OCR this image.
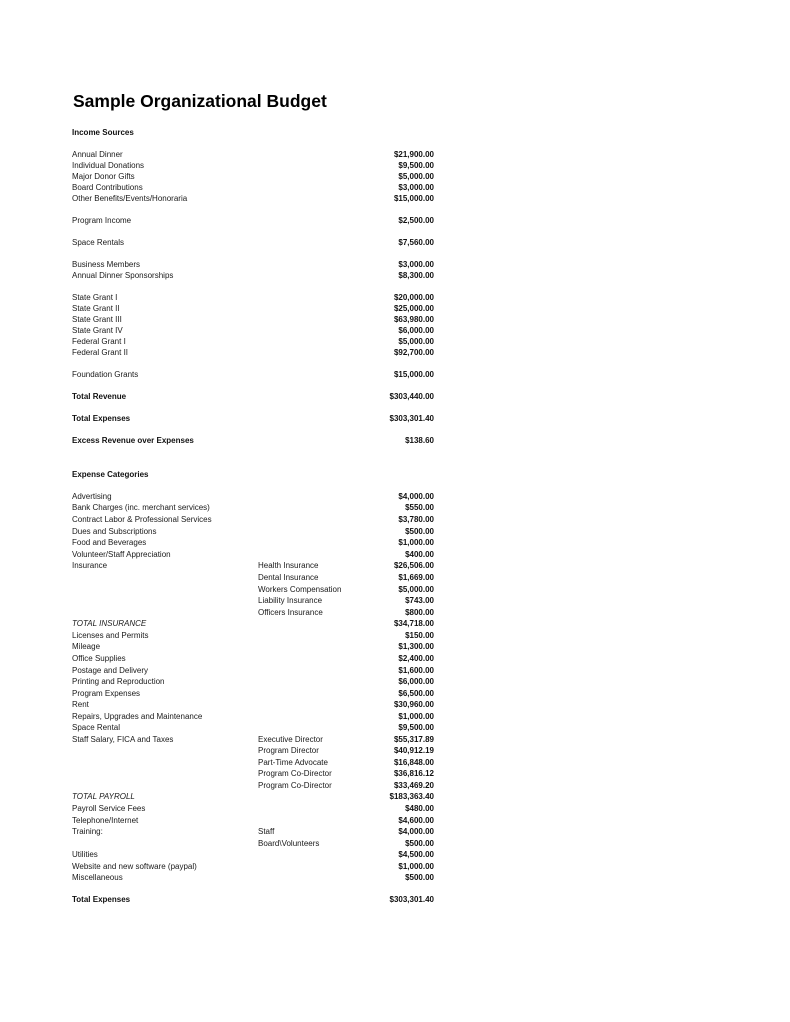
Sample Organizational Budget
Income Sources
Annual Dinner	$21,900.00
Individual Donations	$9,500.00
Major Donor Gifts	$5,000.00
Board Contributions	$3,000.00
Other Benefits/Events/Honoraria	$15,000.00
Program Income	$2,500.00
Space Rentals	$7,560.00
Business Members	$3,000.00
Annual Dinner Sponsorships	$8,300.00
State Grant I	$20,000.00
State Grant II	$25,000.00
State Grant III	$63,980.00
State Grant IV	$6,000.00
Federal Grant I	$5,000.00
Federal Grant II	$92,700.00
Foundation Grants	$15,000.00
Total Revenue	$303,440.00
Total Expenses	$303,301.40
Excess Revenue over Expenses	$138.60
Expense Categories
Advertising	$4,000.00
Bank Charges (inc. merchant services)	$550.00
Contract Labor & Professional Services	$3,780.00
Dues and Subscriptions	$500.00
Food and Beverages	$1,000.00
Volunteer/Staff Appreciation	$400.00
Insurance	Health Insurance	$26,506.00
Dental Insurance	$1,669.00
Workers Compensation	$5,000.00
Liability Insurance	$743.00
Officers Insurance	$800.00
TOTAL INSURANCE	$34,718.00
Licenses and Permits	$150.00
Mileage	$1,300.00
Office Supplies	$2,400.00
Postage and Delivery	$1,600.00
Printing and Reproduction	$6,000.00
Program Expenses	$6,500.00
Rent	$30,960.00
Repairs, Upgrades and Maintenance	$1,000.00
Space Rental	$9,500.00
Staff Salary, FICA and Taxes	Executive Director	$55,317.89
Program Director	$40,912.19
Part-Time Advocate	$16,848.00
Program Co-Director	$36,816.12
Program Co-Director	$33,469.20
TOTAL PAYROLL	$183,363.40
Payroll Service Fees	$480.00
Telephone/Internet	$4,600.00
Training:	Staff	$4,000.00
Board\Volunteers	$500.00
Utilities	$4,500.00
Website and new software (paypal)	$1,000.00
Miscellaneous	$500.00
Total Expenses	$303,301.40
